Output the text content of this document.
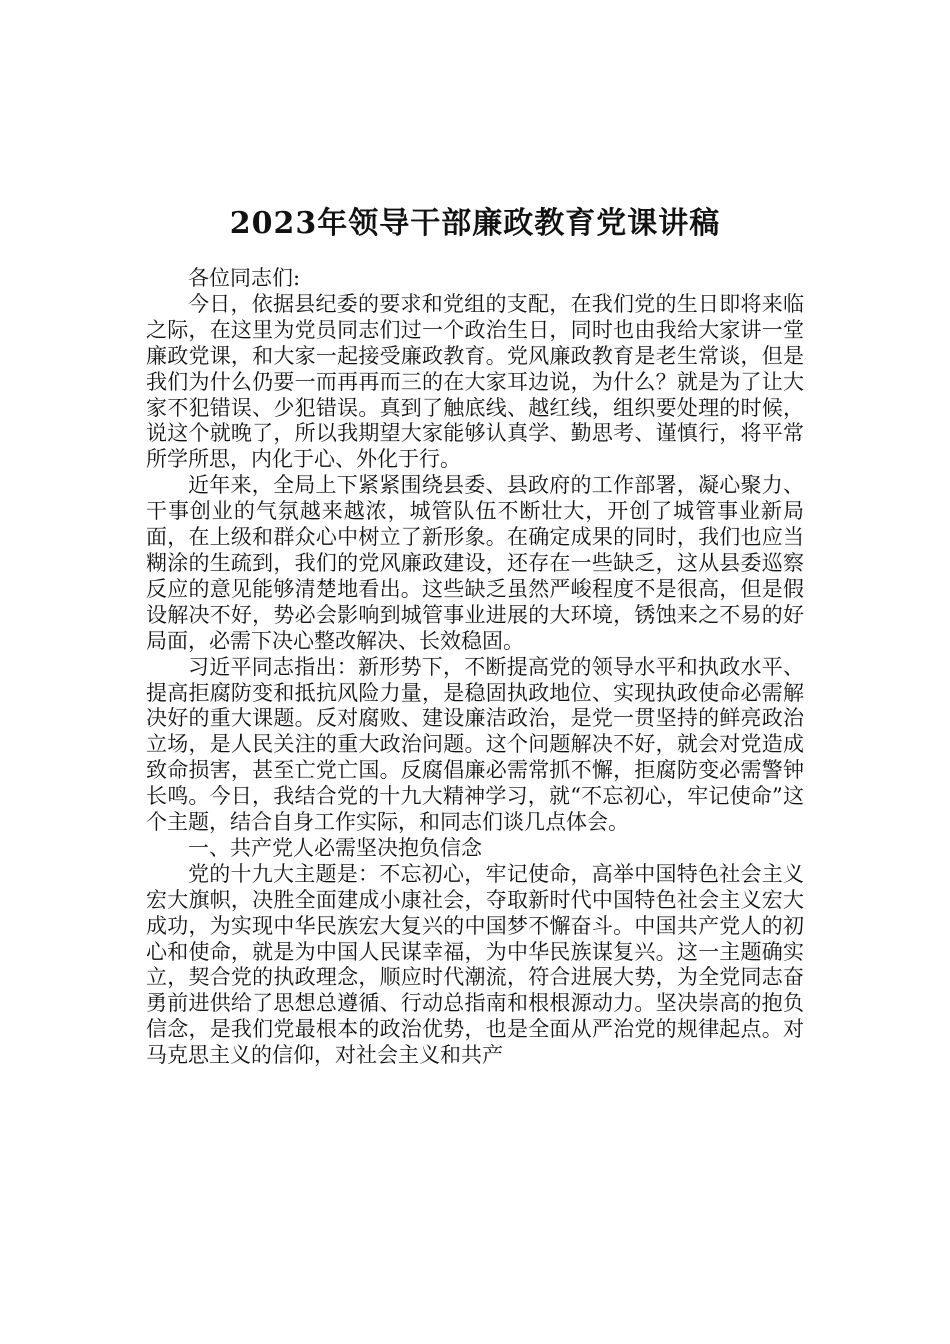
2023年领导干部廉政教育党课讲稿

各位同志们:

今日，依据县纪委的要求和党组的支配，在我们党的生日即将来临之际，在这里为党员同志们过一个政治生日，同时也由我给大家讲一堂廉政党课，和大家一起接受廉政教育。党风廉政教育是老生常谈，但是我们为什么仍要一而再再而三的在大家耳边说，为什么？就是为了让大家不犯错误、少犯错误。真到了触底线、越红线，组织要处理的时候，说这个就晚了，所以我期望大家能够认真学、勤思考、谨慎行，将平常所学所思，内化于心、外化于行。

近年来，全局上下紧紧围绕县委、县政府的工作部署，凝心聚力、干事创业的气氛越来越浓，城管队伍不断壮大，开创了城管事业新局面，在上级和群众心中树立了新形象。在确定成果的同时，我们也应当糊涂的生疏到，我们的党风廉政建设，还存在一些缺乏，这从县委巡察反应的意见能够清楚地看出。这些缺乏虽然严峻程度不是很高，但是假设解决不好，势必会影响到城管事业进展的大环境，锈蚀来之不易的好局面，必需下决心整改解决、长效稳固。

习近平同志指出：新形势下，不断提高党的领导水平和执政水平、提高拒腐防变和抵抗风险力量，是稳固执政地位、实现执政使命必需解决好的重大课题。反对腐败、建设廉洁政治，是党一贯坚持的鲜亮政治立场，是人民关注的重大政治问题。这个问题解决不好，就会对党造成致命损害，甚至亡党亡国。反腐倡廉必需常抓不懈，拒腐防变必需警钟长鸣。今日，我结合党的十九大精神学习，就“不忘初心，牢记使命”这个主题，结合自身工作实际，和同志们谈几点体会。

一、共产党人必需坚决抱负信念

党的十九大主题是：不忘初心，牢记使命，高举中国特色社会主义宏大旗帜，决胜全面建成小康社会，夺取新时代中国特色社会主义宏大成功，为实现中华民族宏大复兴的中国梦不懈奋斗。中国共产党人的初心和使命，就是为中国人民谋幸福，为中华民族谋复兴。这一主题确实立，契合党的执政理念，顺应时代潮流，符合进展大势，为全党同志奋勇前进供给了思想总遵循、行动总指南和根根源动力。坚决崇高的抱负信念，是我们党最根本的政治优势，也是全面从严治党的规律起点。对马克思主义的信仰，对社会主义和共产
